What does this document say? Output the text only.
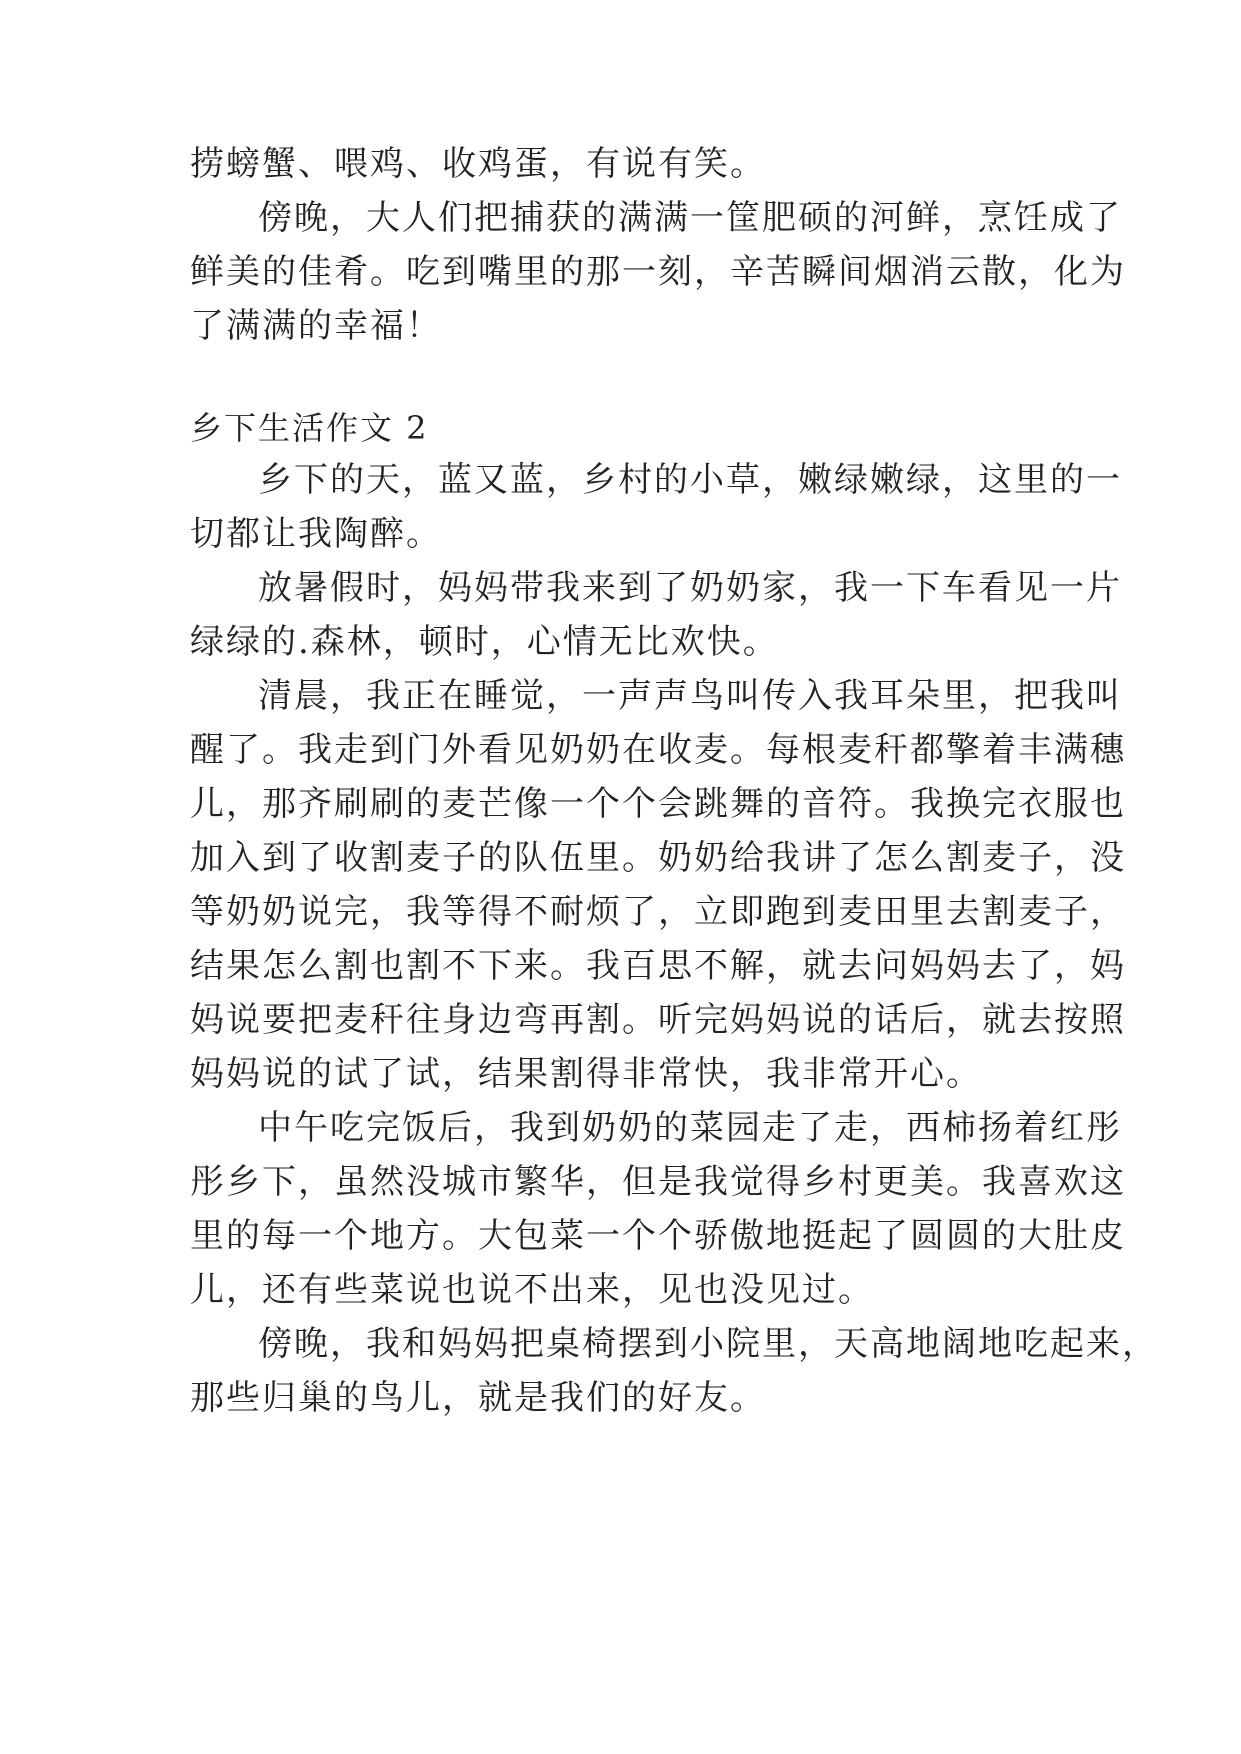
捞螃蟹、喂鸡、收鸡蛋，有说有笑。
傍晚，大人们把捕获的满满一筐肥硕的河鲜，烹饪成了
鲜美的佳肴。吃到嘴里的那一刻，辛苦瞬间烟消云散，化为
了满满的幸福！
乡下生活作文 2
乡下的天，蓝又蓝，乡村的小草，嫩绿嫩绿，这里的一
切都让我陶醉。
放暑假时，妈妈带我来到了奶奶家，我一下车看见一片
绿绿的.森林，顿时，心情无比欢快。
清晨，我正在睡觉，一声声鸟叫传入我耳朵里，把我叫
醒了。我走到门外看见奶奶在收麦。每根麦秆都擎着丰满穗
儿，那齐刷刷的麦芒像一个个会跳舞的音符。我换完衣服也
加入到了收割麦子的队伍里。奶奶给我讲了怎么割麦子，没
等奶奶说完，我等得不耐烦了，立即跑到麦田里去割麦子，
结果怎么割也割不下来。我百思不解，就去问妈妈去了，妈
妈说要把麦秆往身边弯再割。听完妈妈说的话后，就去按照
妈妈说的试了试，结果割得非常快，我非常开心。
中午吃完饭后，我到奶奶的菜园走了走，西柿扬着红彤
彤乡下，虽然没城市繁华，但是我觉得乡村更美。我喜欢这
里的每一个地方。大包菜一个个骄傲地挺起了圆圆的大肚皮
儿，还有些菜说也说不出来，见也没见过。
傍晚，我和妈妈把桌椅摆到小院里，天高地阔地吃起来，
那些归巢的鸟儿，就是我们的好友。
